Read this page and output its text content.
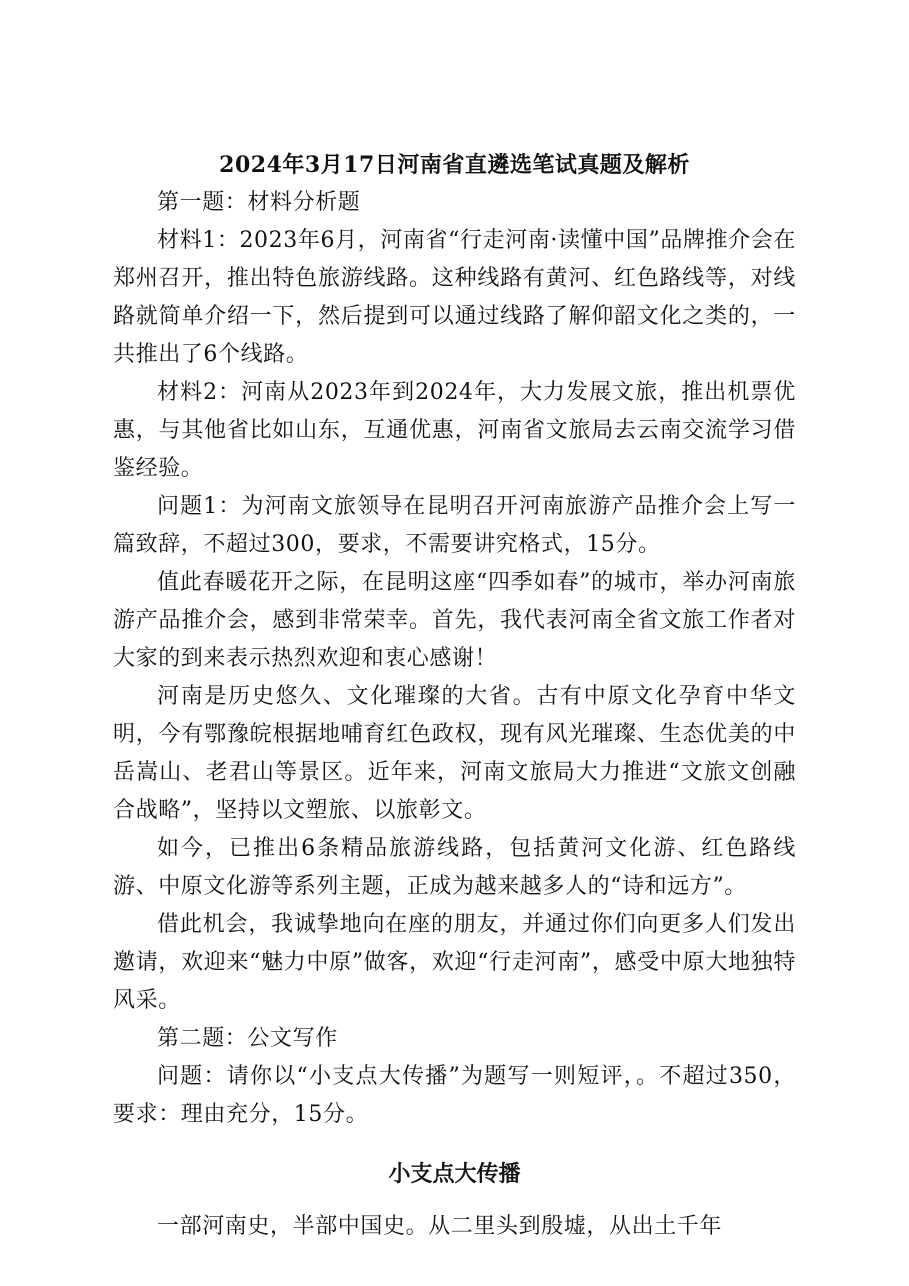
2024年3月17日河南省直遴选笔试真题及解析

第一题：材料分析题

材料1：2023年6月，河南省“行走河南·读懂中国”品牌推介会在郑州召开，推出特色旅游线路。这种线路有黄河、红色路线等，对线路就简单介绍一下，然后提到可以通过线路了解仰韶文化之类的，一共推出了6个线路。

材料2：河南从2023年到2024年，大力发展文旅，推出机票优惠，与其他省比如山东，互通优惠，河南省文旅局去云南交流学习借鉴经验。

问题1：为河南文旅领导在昆明召开河南旅游产品推介会上写一篇致辞，不超过300，要求，不需要讲究格式，15分。

值此春暖花开之际，在昆明这座“四季如春”的城市，举办河南旅游产品推介会，感到非常荣幸。首先，我代表河南全省文旅工作者对大家的到来表示热烈欢迎和衷心感谢！

河南是历史悠久、文化璀璨的大省。古有中原文化孕育中华文明，今有鄂豫皖根据地哺育红色政权，现有风光璀璨、生态优美的中岳嵩山、老君山等景区。近年来，河南文旅局大力推进“文旅文创融合战略”，坚持以文塑旅、以旅彰文。

如今，已推出6条精品旅游线路，包括黄河文化游、红色路线游、中原文化游等系列主题，正成为越来越多人的“诗和远方”。

借此机会，我诚挚地向在座的朋友，并通过你们向更多人们发出邀请，欢迎来“魅力中原”做客，欢迎“行走河南”，感受中原大地独特风采。

第二题：公文写作

问题：请你以“小支点大传播”为题写一则短评，。不超过350，要求：理由充分，15分。

小支点大传播

一部河南史，半部中国史。从二里头到殷墟，从出土千年
